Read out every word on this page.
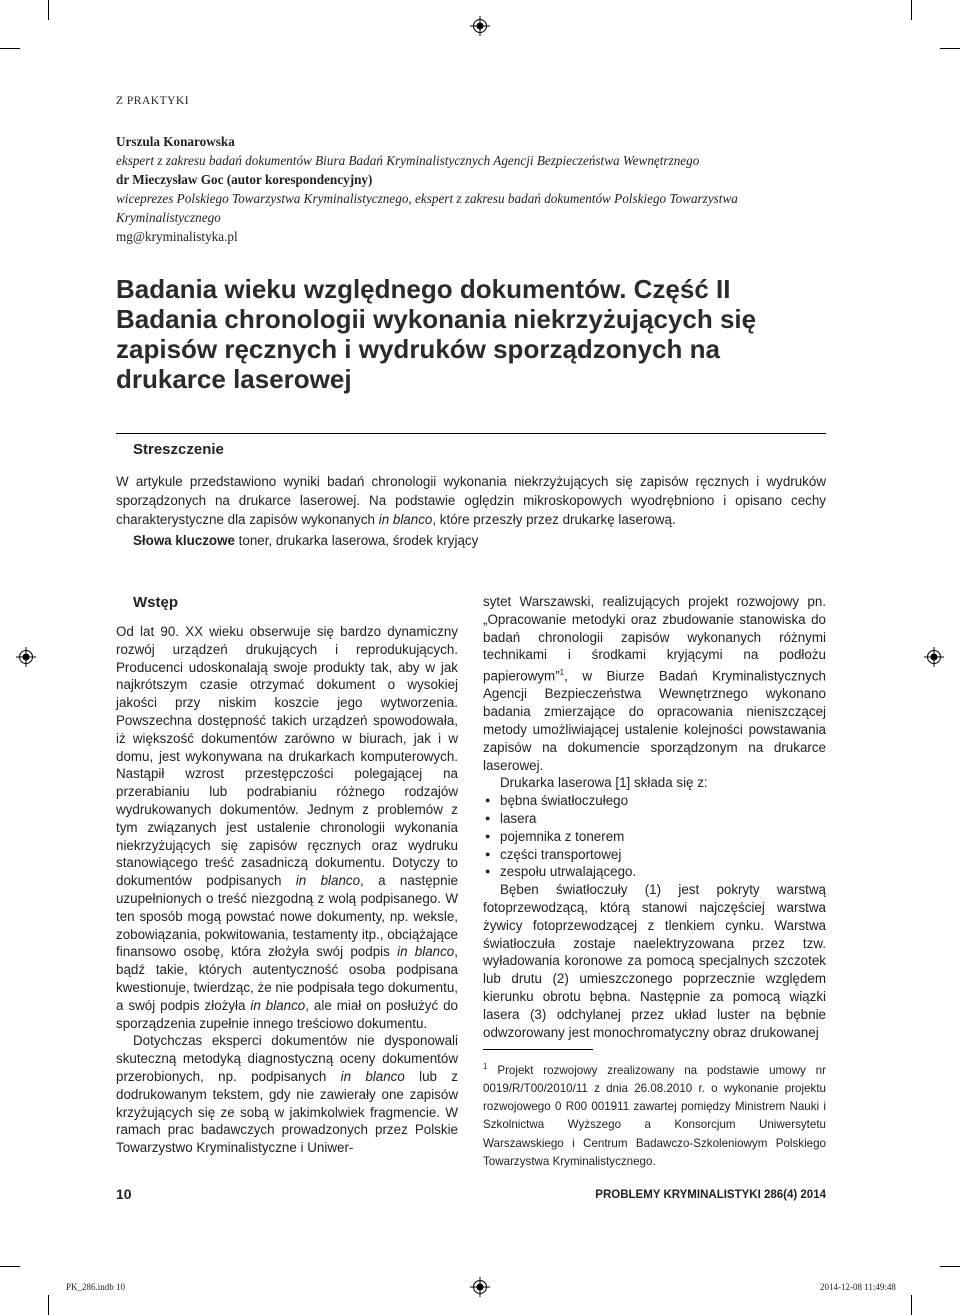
Z PRAKTYKI
Urszula Konarowska
ekspert z zakresu badań dokumentów Biura Badań Kryminalistycznych Agencji Bezpieczeństwa Wewnętrznego
dr Mieczysław Goc (autor korespondencyjny)
wiceprezes Polskiego Towarzystwa Kryminalistycznego, ekspert z zakresu badań dokumentów Polskiego Towarzystwa Kryminalistycznego
mg@kryminalistyka.pl
Badania wieku względnego dokumentów. Część II Badania chronologii wykonania niekrzyżujących się zapisów ręcznych i wydruków sporządzonych na drukarce laserowej
Streszczenie
W artykule przedstawiono wyniki badań chronologii wykonania niekrzyżujących się zapisów ręcznych i wydruków sporządzonych na drukarce laserowej. Na podstawie oględzin mikroskopowych wyodrębniono i opisano cechy charakterystyczne dla zapisów wykonanych in blanco, które przeszły przez drukarkę laserową.
Słowa kluczowe toner, drukarka laserowa, środek kryjący
Wstęp

Od lat 90. XX wieku obserwuje się bardzo dynamiczny rozwój urządzeń drukujących i reprodukujących. Producenci udoskonalają swoje produkty tak, aby w jak najkrótszym czasie otrzymać dokument o wysokiej jakości przy niskim koszcie jego wytworzenia. Powszechna dostępność takich urządzeń spowodowała, iż większość dokumentów zarówno w biurach, jak i w domu, jest wykonywana na drukarkach komputerowych. Nastąpił wzrost przestępczości polegającej na przerabianiu lub podrabianiu różnego rodzajów wydrukowanych dokumentów. Jednym z problemów z tym związanych jest ustalenie chronologii wykonania niekrzyżujących się zapisów ręcznych oraz wydruku stanowiącego treść zasadniczą dokumentu. Dotyczy to dokumentów podpisanych in blanco, a następnie uzupełnionych o treść niezgodną z wolą podpisanego. W ten sposób mogą powstać nowe dokumenty, np. weksle, zobowiązania, pokwitowania, testamenty itp., obciążające finansowo osobę, która złożyła swój podpis in blanco, bądź takie, których autentyczność osoba podpisana kwestionuje, twierdząc, że nie podpisała tego dokumentu, a swój podpis złożyła in blanco, ale miał on posłużyć do sporządzenia zupełnie innego treściowo dokumentu.

Dotychczas eksperci dokumentów nie dysponowali skuteczną metodyką diagnostyczną oceny dokumentów przerobionych, np. podpisanych in blanco lub z dodrukowanym tekstem, gdy nie zawierały one zapisów krzyżujących się ze sobą w jakimkolwiek fragmencie. W ramach prac badawczych prowadzonych przez Polskie Towarzystwo Kryminalistyczne i Uniwer-

sytet Warszawski, realizujących projekt rozwojowy pn. „Opracowanie metodyki oraz zbudowanie stanowiska do badań chronologii zapisów wykonanych różnymi technikami i środkami kryjącymi na podłożu papierowym”$^1$, w Biurze Badań Kryminalistycznych Agencji Bezpieczeństwa Wewnętrznego wykonano badania zmierzające do opracowania nieniszczącej metody umożliwiającej ustalenie kolejności powstawania zapisów na dokumencie sporządzonym na drukarce laserowej.

Drukarka laserowa [1] składa się z:

● bębna światłoczułego
● lasera
● pojemnika z tonerem
● części transportowej
● zespołu utrwalającego.

Bęben światłoczuły (1) jest pokryty warstwą fotoprzewodzącą, którą stanowi najczęściej warstwa żywicy fotoprzewodzącej z tlenkiem cynku. Warstwa światłoczuła zostaje naelektryzowana przez tzw. wyładowania koronowe za pomocą specjalnych szczotek lub drutu (2) umieszczonego poprzecznie względem kierunku obrotu bębna. Następnie za pomocą wiązki lasera (3) odchylanej przez układ luster na bębnie odwzorowany jest monochromatyczny obraz drukowanej

$^1$ Projekt rozwojowy zrealizowany na podstawie umowy nr 0019/R/T00/2010/11 z dnia 26.08.2010 r. o wykonanie projektu rozwojowego 0 R00 001911 zawartej pomiędzy Ministrem Nauki i Szkolnictwa Wyższego a Konsorcjum Uniwersytetu Warszawskiego i Centrum Badawczo-Szkoleniowym Polskiego Towarzystwa Kryminalistycznego.
10	PROBLEMY KRYMINALISTYKI 286(4) 2014
PK_286.indb 10	2014-12-08 11:49:48
